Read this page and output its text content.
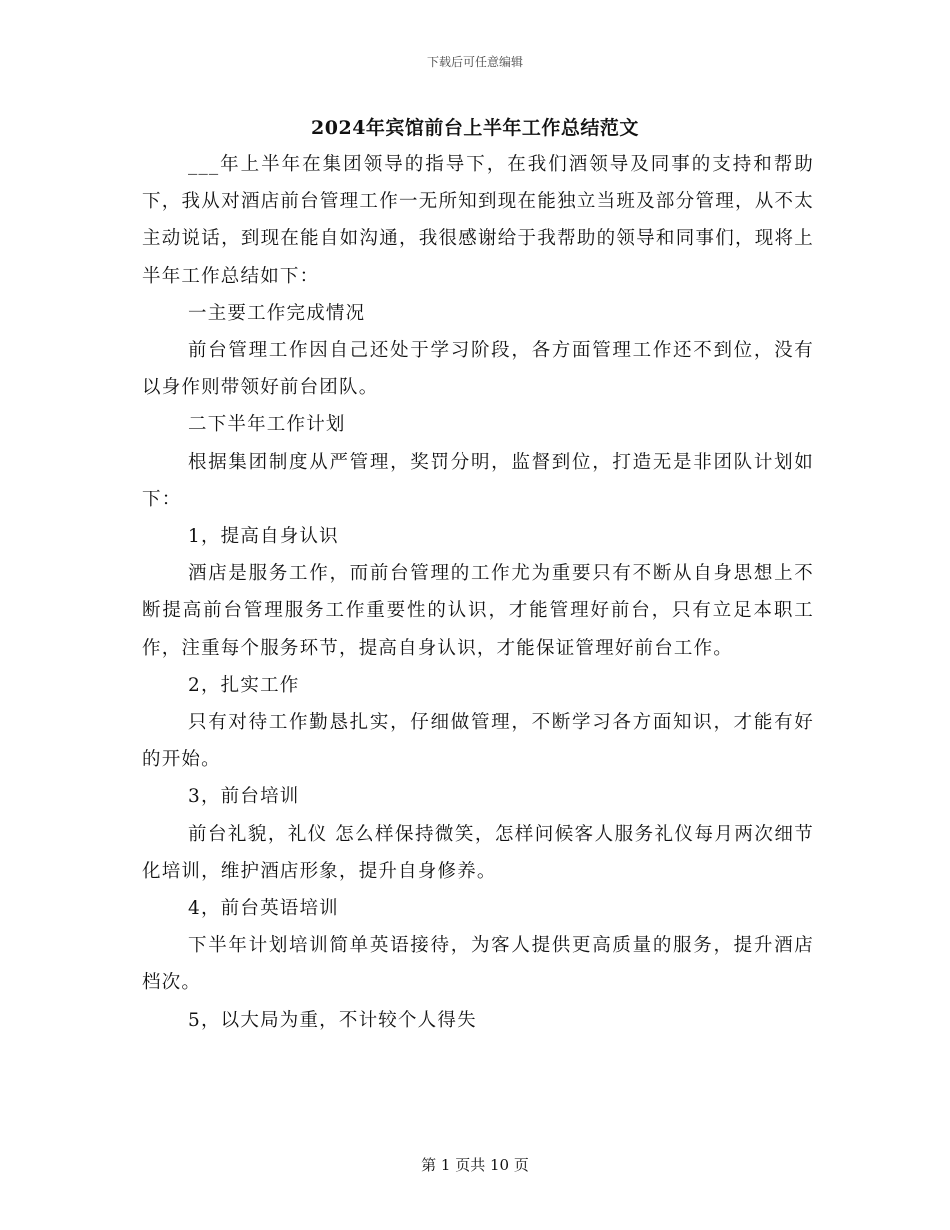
下载后可任意编辑
2024年宾馆前台上半年工作总结范文

___年上半年在集团领导的指导下，在我们酒领导及同事的支持和帮助下，我从对酒店前台管理工作一无所知到现在能独立当班及部分管理，从不太主动说话，到现在能自如沟通，我很感谢给于我帮助的领导和同事们，现将上半年工作总结如下：

一主要工作完成情况

前台管理工作因自己还处于学习阶段，各方面管理工作还不到位，没有以身作则带领好前台团队。

二下半年工作计划

根据集团制度从严管理，奖罚分明，监督到位，打造无是非团队计划如下：

1，提高自身认识

酒店是服务工作，而前台管理的工作尤为重要只有不断从自身思想上不断提高前台管理服务工作重要性的认识，才能管理好前台，只有立足本职工作，注重每个服务环节，提高自身认识，才能保证管理好前台工作。

2，扎实工作

只有对待工作勤恳扎实，仔细做管理，不断学习各方面知识，才能有好的开始。

3，前台培训

前台礼貌，礼仪 怎么样保持微笑，怎样问候客人服务礼仪每月两次细节化培训，维护酒店形象，提升自身修养。

4，前台英语培训

下半年计划培训简单英语接待，为客人提供更高质量的服务，提升酒店档次。

5，以大局为重，不计较个人得失

第 1 页共 10 页
